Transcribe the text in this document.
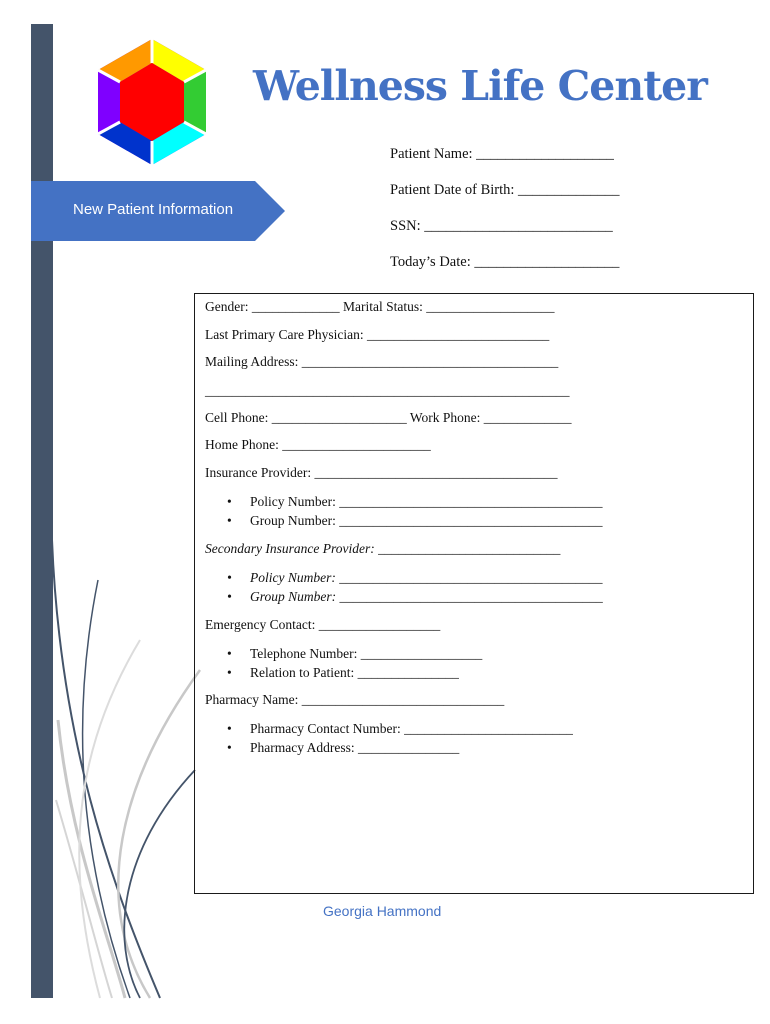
Wellness Life Center
New Patient Information
Patient Name: ___________________
Patient Date of Birth: ______________
SSN: __________________________
Today’s Date: ____________________
Gender: _____________ Marital Status: ___________________
Last Primary Care Physician: ___________________________
Mailing Address: ______________________________________
______________________________________________________
Cell Phone: ____________________ Work Phone: _____________
Home Phone: ______________________
Insurance Provider: ____________________________________
• Policy Number: _______________________________________
• Group Number: _______________________________________
Secondary Insurance Provider: ___________________________
• Policy Number: _______________________________________
• Group Number: _______________________________________
Emergency Contact: __________________
• Telephone Number: __________________
• Relation to Patient: _______________
Pharmacy Name: ______________________________
• Pharmacy Contact Number: _________________________
• Pharmacy Address: _______________
Georgia Hammond
